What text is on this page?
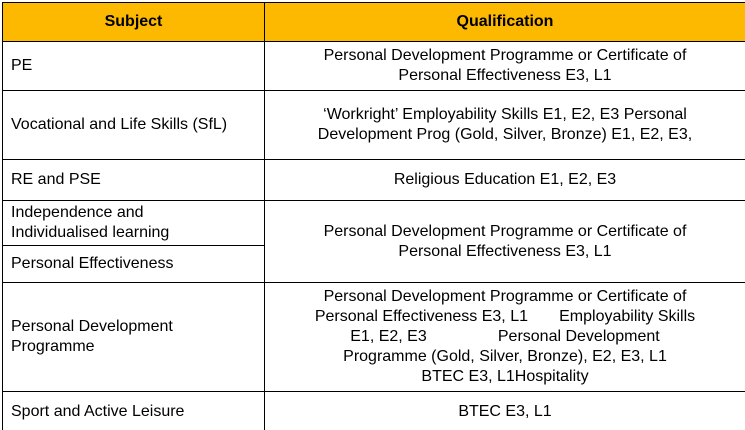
Subject	Qualification
PE	Personal Development Programme or Certificate of
Personal Effectiveness E3, L1

Vocational and Life Skills (SfL)	‘Workright’ Employability Skills E1, E2, E3 Personal
Development Prog (Gold, Silver, Bronze) E1, E2, E3,

RE and PSE	Religious Education E1, E2, E3

Independence and
Individualised learning	Personal Development Programme or Certificate of
Personal Effectiveness E3, L1

Personal Effectiveness	

Personal Development
Programme	Personal Development Programme or Certificate of
Personal Effectiveness E3, L1       Employability Skills
E1, E2, E3                Personal Development
Programme (Gold, Silver, Bronze), E2, E3, L1
BTEC E3, L1Hospitality

Sport and Active Leisure	BTEC E3, L1
